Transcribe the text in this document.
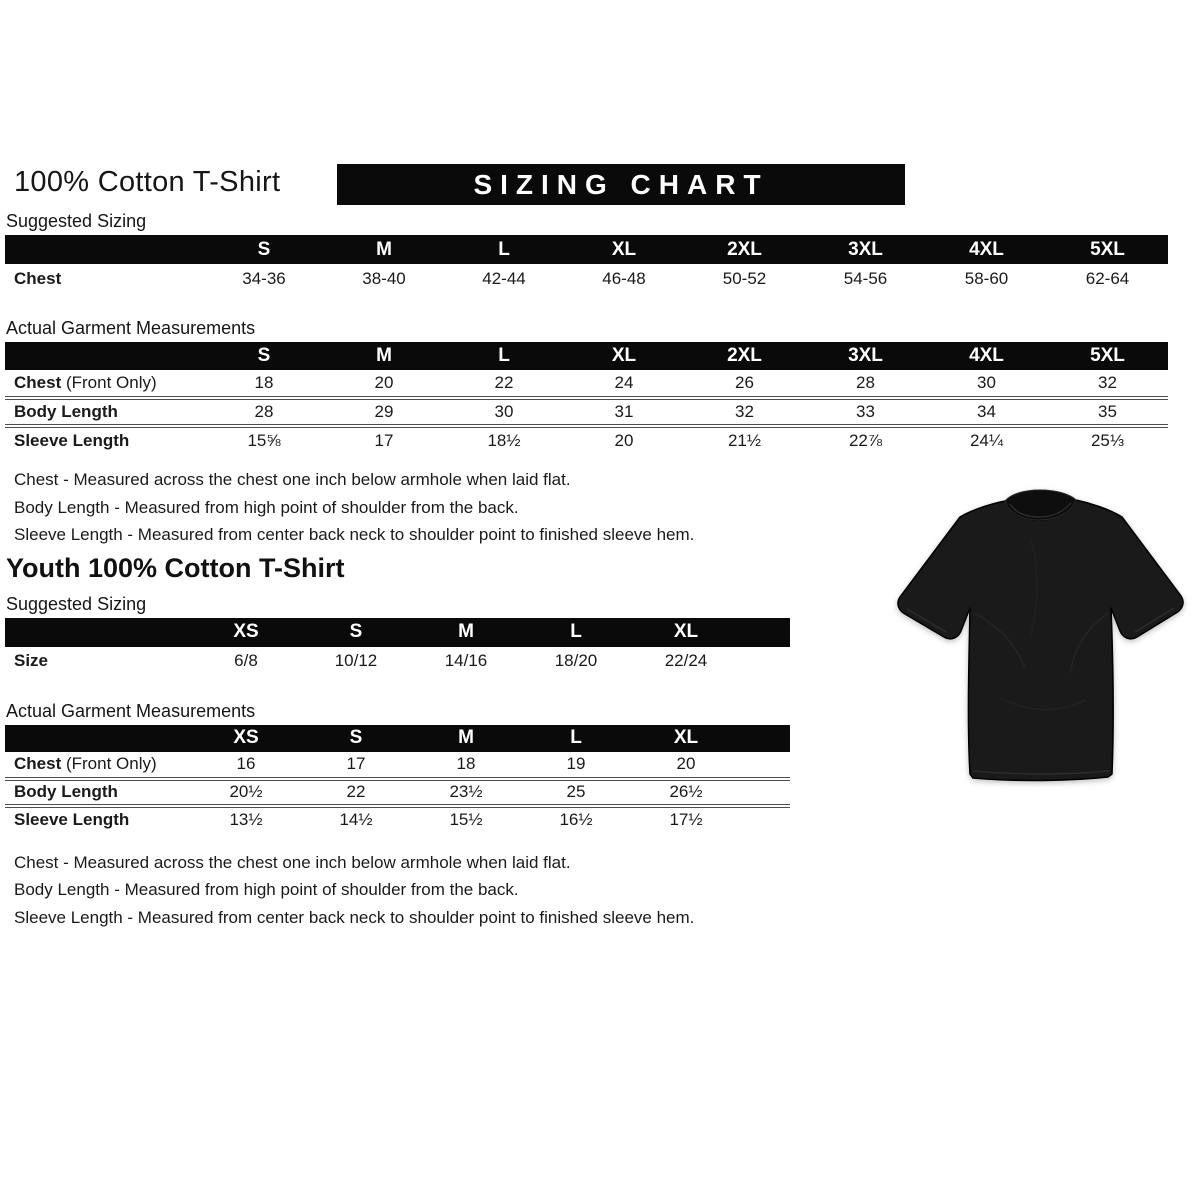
100% Cotton T-Shirt	SIZING CHART
Suggested Sizing
	S	M	L	XL	2XL	3XL	4XL	5XL
Chest	34-36	38-40	42-44	46-48	50-52	54-56	58-60	62-64
Actual Garment Measurements
	S	M	L	XL	2XL	3XL	4XL	5XL
Chest (Front Only)	18	20	22	24	26	28	30	32
Body Length	28	29	30	31	32	33	34	35
Sleeve Length	15⅝	17	18½	20	21½	22⅞	24¼	25⅓
Chest - Measured across the chest one inch below armhole when laid flat.
Body Length - Measured from high point of shoulder from the back.
Sleeve Length - Measured from center back neck to shoulder point to finished sleeve hem.
Youth 100% Cotton T-Shirt
Suggested Sizing
	XS	S	M	L	XL	
Size	6/8	10/12	14/16	18/20	22/24	
Actual Garment Measurements
	XS	S	M	L	XL	
Chest (Front Only)	16	17	18	19	20	
Body Length	20½	22	23½	25	26½	
Sleeve Length	13½	14½	15½	16½	17½	
Chest - Measured across the chest one inch below armhole when laid flat.
Body Length - Measured from high point of shoulder from the back.
Sleeve Length - Measured from center back neck to shoulder point to finished sleeve hem.
